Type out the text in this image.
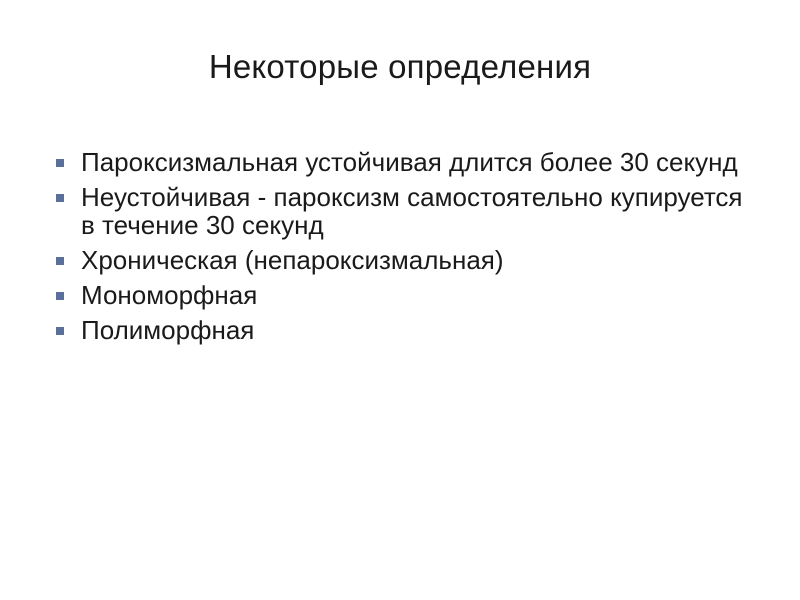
Некоторые определения
Пароксизмальная устойчивая длится более 30 секунд
Неустойчивая - пароксизм самостоятельно купируется в течение 30 секунд
Хроническая (непароксизмальная)
Мономорфная
Полиморфная
